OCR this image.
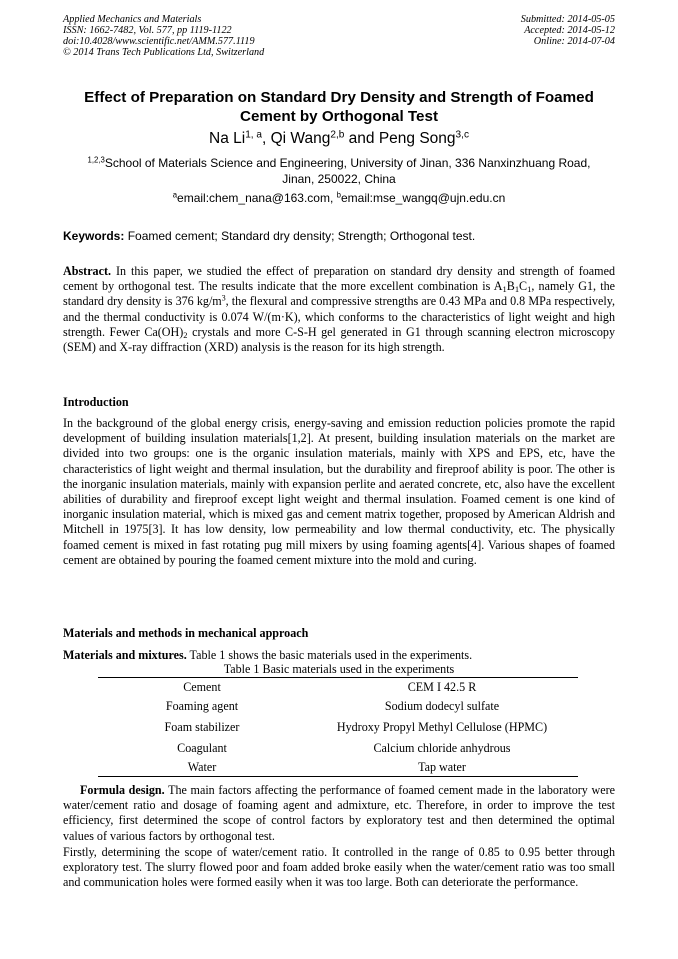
Applied Mechanics and Materials
ISSN: 1662-7482, Vol. 577, pp 1119-1122
doi:10.4028/www.scientific.net/AMM.577.1119
© 2014 Trans Tech Publications Ltd, Switzerland
Submitted: 2014-05-05
Accepted: 2014-05-12
Online: 2014-07-04
Effect of Preparation on Standard Dry Density and Strength of Foamed
Cement by Orthogonal Test
Na Li$^{1, a}$, Qi Wang$^{2,b}$ and Peng Song$^{3,c}$
$^{1,2,3}$School of Materials Science and Engineering, University of Jinan, 336 Nanxinzhuang Road,
Jinan, 250022, China
$^a$email:chem_nana@163.com, $^b$email:mse_wangq@ujn.edu.cn
Keywords: Foamed cement; Standard dry density; Strength; Orthogonal test.
Abstract. In this paper, we studied the effect of preparation on standard dry density and strength of foamed cement by orthogonal test. The results indicate that the more excellent combination is $A_1B_1C_1$, namely G1, the standard dry density is 376 $kg/m^3$, the flexural and compressive strengths are 0.43 MPa and 0.8 MPa respectively, and the thermal conductivity is 0.074 W/(m·K), which conforms to the characteristics of light weight and high strength. Fewer $Ca(OH)_2$ crystals and more C-S-H gel generated in G1 through scanning electron microscopy (SEM) and X-ray diffraction (XRD) analysis is the reason for its high strength.
Introduction
In the background of the global energy crisis, energy-saving and emission reduction policies promote the rapid development of building insulation materials[1,2]. At present, building insulation materials on the market are divided into two groups: one is the organic insulation materials, mainly with XPS and EPS, etc, have the characteristics of light weight and thermal insulation, but the durability and fireproof ability is poor. The other is the inorganic insulation materials, mainly with expansion perlite and aerated concrete, etc, also have the excellent abilities of durability and fireproof except light weight and thermal insulation. Foamed cement is one kind of inorganic insulation material, which is mixed gas and cement matrix together, proposed by American Aldrish and Mitchell in 1975[3]. It has low density, low permeability and low thermal conductivity, etc. The physically foamed cement is mixed in fast rotating pug mill mixers by using foaming agents[4]. Various shapes of foamed cement are obtained by pouring the foamed cement mixture into the mold and curing.
Materials and methods in mechanical approach
Materials and mixtures. Table 1 shows the basic materials used in the experiments.
Table 1 Basic materials used in the experiments
Cement	CEM I 42.5 R
Foaming agent	Sodium dodecyl sulfate
Foam stabilizer	Hydroxy Propyl Methyl Cellulose (HPMC)
Coagulant	Calcium chloride anhydrous
Water	Tap water
Formula design. The main factors affecting the performance of foamed cement made in the laboratory were water/cement ratio and dosage of foaming agent and admixture, etc. Therefore, in order to improve the test efficiency, first determined the scope of control factors by exploratory test and then determined the optimal values of various factors by orthogonal test.
Firstly, determining the scope of water/cement ratio. It controlled in the range of 0.85 to 0.95 better through exploratory test. The slurry flowed poor and foam added broke easily when the water/cement ratio was too small and communication holes were formed easily when it was too large. Both can deteriorate the performance.
